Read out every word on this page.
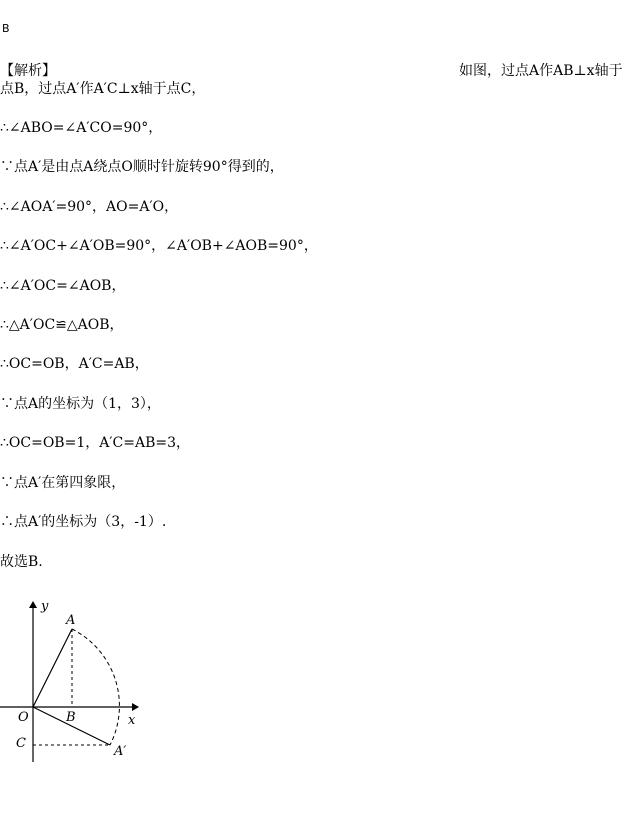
B
【解析】	如图，过点A作AB⊥x轴于
点B，过点A′作A′C⊥x轴于点C，
∴∠ABO=∠A′CO=90°，
∵点A′是由点A绕点O顺时针旋转90°得到的，
∴∠AOA′=90°，AO=A′O，
∴∠A′OC+∠A′OB=90°，∠A′OB+∠AOB=90°，
∴∠A′OC=∠AOB，
∴△A′OC≌△AOB，
∴OC=OB，A′C=AB，
∵点A的坐标为（1，3），
∴OC=OB=1，A′C=AB=3，
∵点A′在第四象限，
∴点A′的坐标为（3，-1）.
故选B.
y
A
O	B	x
C
A′
